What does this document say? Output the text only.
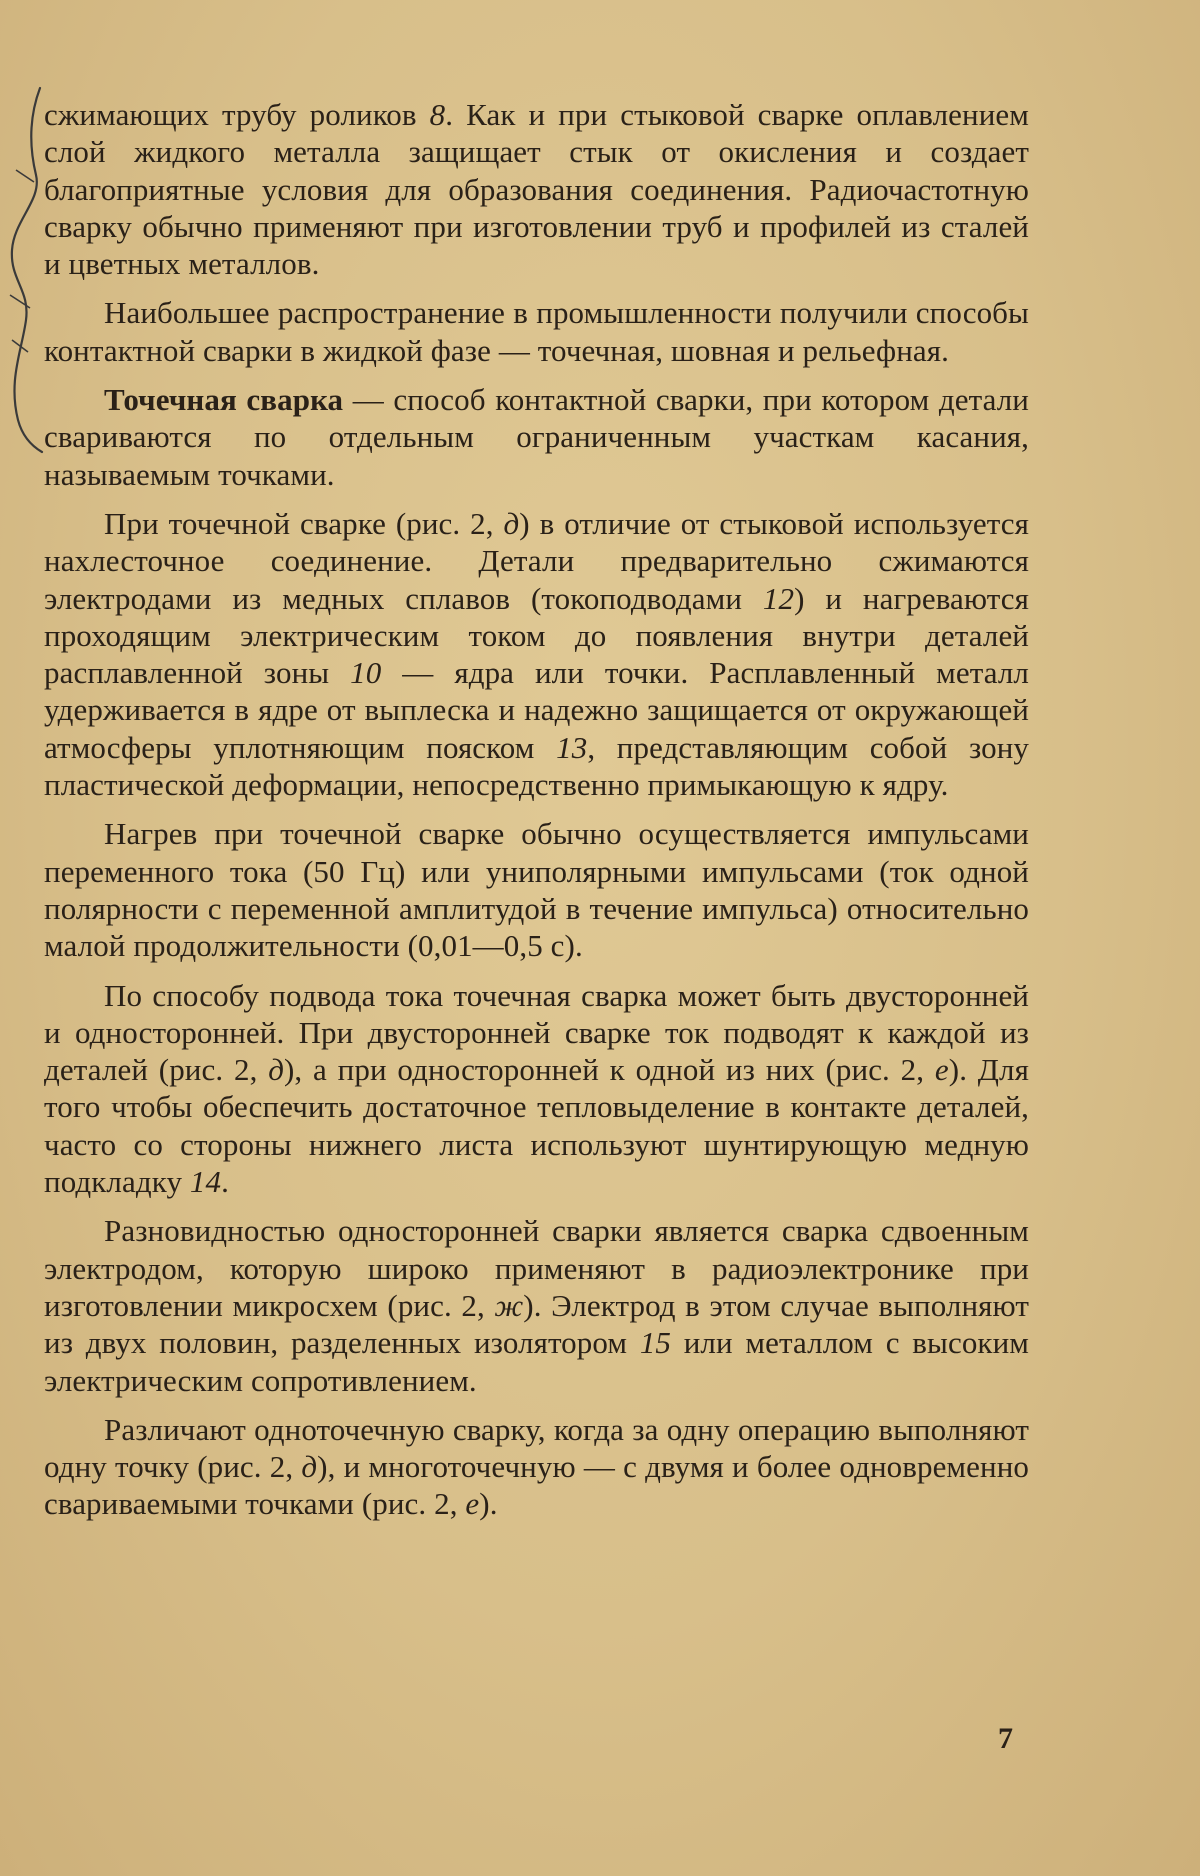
сжимающих трубу роликов 8. Как и при стыковой сварке оплавлением слой жидкого металла защищает стык от окисления и создает благоприятные условия для образования соединения. Радиочастотную сварку обычно применяют при изготовлении труб и профилей из сталей и цветных металлов.

Наибольшее распространение в промышленности получили способы контактной сварки в жидкой фазе — точечная, шовная и рельефная.

Точечная сварка — способ контактной сварки, при котором детали свариваются по отдельным ограниченным участкам касания, называемым точками.

При точечной сварке (рис. 2, д) в отличие от стыковой используется нахлесточное соединение. Детали предварительно сжимаются электродами из медных сплавов (токоподводами 12) и нагреваются проходящим электрическим током до появления внутри деталей расплавленной зоны 10 — ядра или точки. Расплавленный металл удерживается в ядре от выплеска и надежно защищается от окружающей атмосферы уплотняющим пояском 13, представляющим собой зону пластической деформации, непосредственно примыкающую к ядру.

Нагрев при точечной сварке обычно осуществляется импульсами переменного тока (50 Гц) или униполярными импульсами (ток одной полярности с переменной амплитудой в течение импульса) относительно малой продолжительности (0,01—0,5 с).

По способу подвода тока точечная сварка может быть двусторонней и односторонней. При двусторонней сварке ток подводят к каждой из деталей (рис. 2, д), а при односторонней к одной из них (рис. 2, е). Для того чтобы обеспечить достаточное тепловыделение в контакте деталей, часто со стороны нижнего листа используют шунтирующую медную подкладку 14.

Разновидностью односторонней сварки является сварка сдвоенным электродом, которую широко применяют в радиоэлектронике при изготовлении микросхем (рис. 2, ж). Электрод в этом случае выполняют из двух половин, разделенных изолятором 15 или металлом с высоким электрическим сопротивлением.

Различают одноточечную сварку, когда за одну операцию выполняют одну точку (рис. 2, д), и многоточечную — с двумя и более одновременно свариваемыми точками (рис. 2, е).

7
